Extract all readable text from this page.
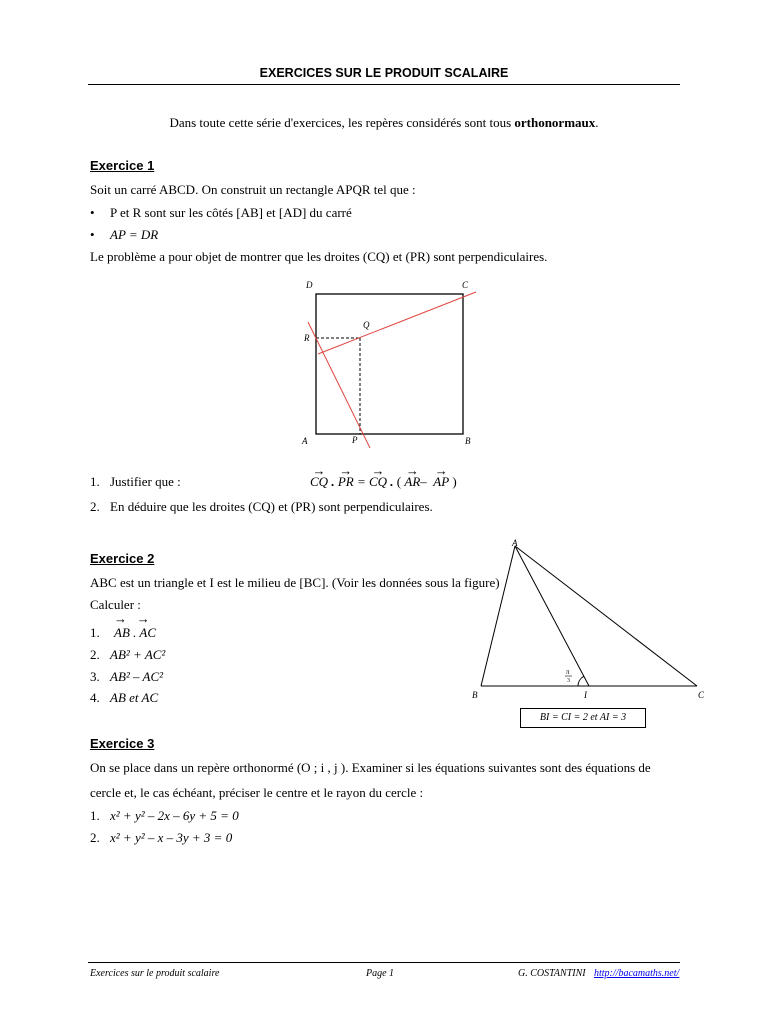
EXERCICES SUR LE PRODUIT SCALAIRE
Dans toute cette série d'exercices, les repères considérés sont tous orthonormaux.
Exercice 1
Soit un carré ABCD. On construit un rectangle APQR tel que :
• P et R sont sur les côtés [AB] et [AD] du carré
• AP = DR
Le problème a pour objet de montrer que les droites (CQ) et (PR) sont perpendiculaires.
D	C
Q
R
A	P	B
1. Justifier que :	→ CQ . → PR = → CQ . ( → AR– → AP )
2. En déduire que les droites (CQ) et (PR) sont perpendiculaires.
Exercice 2
ABC est un triangle et I est le milieu de [BC]. (Voir les données sous la figure)
Calculer :
1. AB . AC
→   →
2. AB² + AC²
3. AB² – AC²
4. AB et AC
A
B	I	C
π
3
BI = CI = 2 et AI = 3
Exercice 3
On se place dans un repère orthonormé (O ; i , j ). Examiner si les équations suivantes sont des équations de
cercle et, le cas échéant, préciser le centre et le rayon du cercle :
1. x² + y² – 2x – 6y + 5 = 0
2. x² + y² – x – 3y + 3 = 0
Exercices sur le produit scalaire	Page 1	G. COSTANTINI http://bacamaths.net/
